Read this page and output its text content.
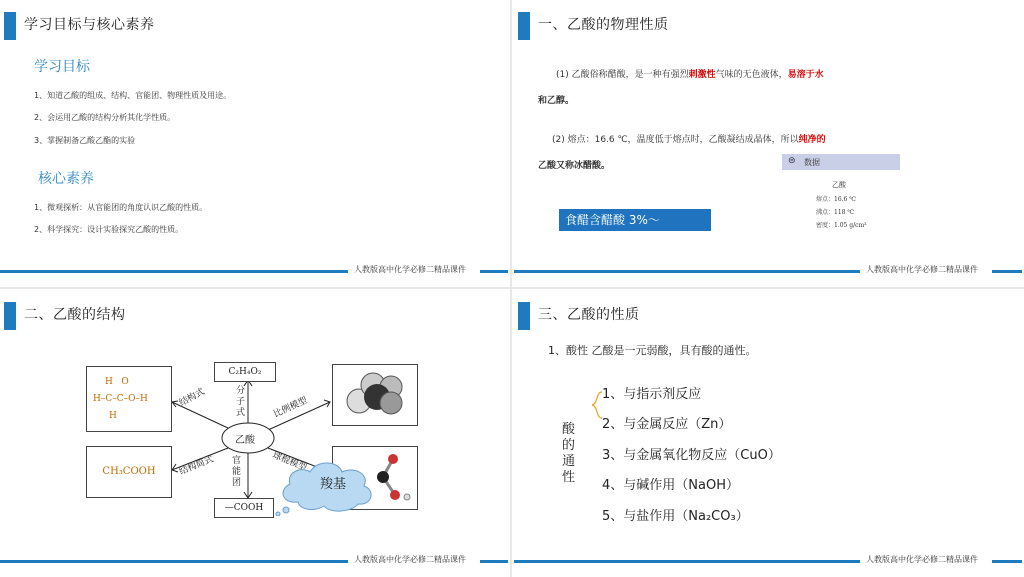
学习目标与核心素养
学习目标
1、知道乙酸的组成、结构、官能团、物理性质及用途。
2、会运用乙酸的结构分析其化学性质。
3、掌握制备乙酸乙酯的实验
核心素养
1、微观探析：从官能团的角度认识乙酸的性质。
2、科学探究：设计实验探究乙酸的性质。
人教版高中化学必修二精品课件
一、乙酸的物理性质
(1) 乙酸俗称醋酸，是一种有强烈刺激性气味的无色液体，易溶于水
和乙醇。
(2) 熔点：16.6 ℃，温度低于熔点时，乙酸凝结成晶体，所以纯净的
乙酸又称冰醋酸。	⊜ 数据
乙酸
熔点：16.6 ℃
沸点：118 ℃
密度：1.05 g/cm³
食醋含醋酸 3%～
人教版高中化学必修二精品课件
二、乙酸的结构
乙酸
H   O
H–C–C–O–H
H
C₂H₄O₂
CH₃COOH
—COOH
结构式	分子式	比例模型
结构简式 官能团
球棍模型
羧基
人教版高中化学必修二精品课件
三、乙酸的性质
1、酸性 乙酸是一元弱酸，具有酸的通性。
酸
的
通
性
1、与指示剂反应
2、与金属反应（Zn）
3、与金属氧化物反应（CuO）
4、与碱作用（NaOH）
5、与盐作用（Na₂CO₃）
人教版高中化学必修二精品课件
